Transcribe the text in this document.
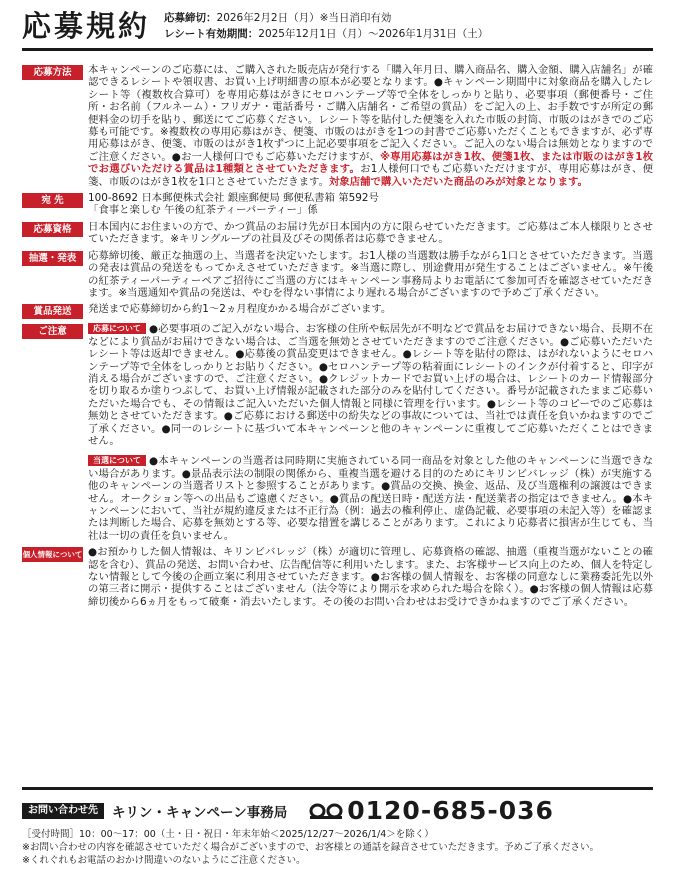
応募規約 応募締切：2026年2月2日（月）※当日消印有効
レシート有効期間：2025年12月1日（月）〜2026年1月31日（土）
応募方法	本キャンペーンのご応募には、ご購入された販売店が発行する「購入年月日、購入商品名、購入金額、購入店舗名」が確認できるレシートや領収書、お買い上げ明細書の原本が必要となります。●キャンペーン期間中に対象商品を購入したレシート等（複数枚合算可）を専用応募はがきにセロハンテープ等で全体をしっかりと貼り、必要事項（郵便番号・ご住所・お名前（フルネーム）・フリガナ・電話番号・ご購入店舗名・ご希望の賞品）をご記入の上、お手数ですが所定の郵便料金の切手を貼り、郵送にてご応募ください。レシート等を貼付した便箋を入れた市販の封筒、市販のはがきでのご応募も可能です。※複数枚の専用応募はがき、便箋、市販のはがきを1つの封書でご応募いただくこともできますが、必ず専用応募はがき、便箋、市販のはがき1枚ずつに上記必要事項をご記入ください。ご記入のない場合は無効となりますのでご注意ください。●お一人様何口でもご応募いただけますが、※専用応募はがき1枚、便箋1枚、または市販のはがき1枚でお選びいただける賞品は1種類とさせていただきます。お1人様何口でもご応募いただけますが、専用応募はがき、便箋、市販のはがき1枚を1口とさせていただきます。対象店舗で購入いただいた商品のみが対象となります。

宛 先	100-8692 日本郵便株式会社 銀座郵便局 郵便私書箱 第592号

「食事と楽しむ 午後の紅茶ティーパーティー」係

応募資格	日本国内にお住まいの方で、かつ賞品のお届け先が日本国内の方に限らせていただきます。ご応募はご本人様限りとさせていただきます。※キリングループの社員及びその関係者は応募できません。

抽選・発表	応募締切後、厳正な抽選の上、当選者を決定いたします。お1人様の当選数は勝手ながら1口とさせていただきます。当選の発表は賞品の発送をもってかえさせていただきます。※当選に際し、別途費用が発生することはございません。※午後の紅茶ティーパーティーペアご招待にご当選の方にはキャンペーン事務局よりお電話にて参加可否を確認させていただきます。※当選通知や賞品の発送は、やむを得ない事情により遅れる場合がございますので予めご了承ください。

賞品発送	発送まで応募締切から約1〜2ヵ月程度かかる場合がございます。

ご注意	応募について ●必要事項のご記入がない場合、お客様の住所や転居先が不明などで賞品をお届けできない場合、長期不在などにより賞品がお届けできない場合は、ご当選を無効とさせていただきますのでご注意ください。●ご応募いただいたレシート等は返却できません。●応募後の賞品変更はできません。●レシート等を貼付の際は、はがれないようにセロハンテープ等で全体をしっかりとお貼りください。●セロハンテープ等の粘着面にレシートのインクが付着すると、印字が消える場合がございますので、ご注意ください。●クレジットカードでお買い上げの場合は、レシートのカード情報部分を切り取るか塗りつぶして、お買い上げ情報が記載された部分のみを貼付してください。番号が記載されたままご応募いただいた場合でも、その情報はご記入いただいた個人情報と同様に管理を行います。●レシート等のコピーでのご応募は無効とさせていただきます。●ご応募における郵送中の紛失などの事故については、当社では責任を負いかねますのでご了承ください。●同一のレシートに基づいて本キャンペーンと他のキャンペーンに重複してご応募いただくことはできません。

当選について ●本キャンペーンの当選者は同時期に実施されている同一商品を対象とした他のキャンペーンに当選できない場合があります。●景品表示法の制限の関係から、重複当選を避ける目的のためにキリンビバレッジ（株）が実施する他のキャンペーンの当選者リストと参照することがあります。●賞品の交換、換金、返品、及び当選権利の譲渡はできません。オークション等への出品もご遠慮ください。●賞品の配送日時・配送方法・配送業者の指定はできません。●本キャンペーンにおいて、当社が規約違反または不正行為（例：過去の権利停止、虚偽記載、必要事項の未記入等）を確認または判断した場合、応募を無効とする等、必要な措置を講じることがあります。これにより応募者に損害が生じても、当社は一切の責任を負いません。

個人情報について ●お預かりした個人情報は、キリンビバレッジ（株）が適切に管理し、応募資格の確認、抽選（重複当選がないことの確認を含む）、賞品の発送、お問い合わせ、広告配信等に利用いたします。また、お客様サービス向上のため、個人を特定しない情報として今後の企画立案に利用させていただきます。●お客様の個人情報を、お客様の同意なしに業務委託先以外の第三者に開示・提供することはございません（法令等により開示を求められた場合を除く）。●お客様の個人情報は応募締切後から6ヵ月をもって破棄・消去いたします。その後のお問い合わせはお受けできかねますのでご了承ください。

お問い合わせ先	キリン・キャンペーン事務局 0120-685-036
［受付時間］10：00〜17：00（土・日・祝日・年末年始＜2025/12/27〜2026/1/4＞を除く）
※お問い合わせの内容を確認させていただく場合がございますので、お客様との通話を録音させていただきます。予めご了承ください。
※くれぐれもお電話のおかけ間違いのないようにご注意ください。
